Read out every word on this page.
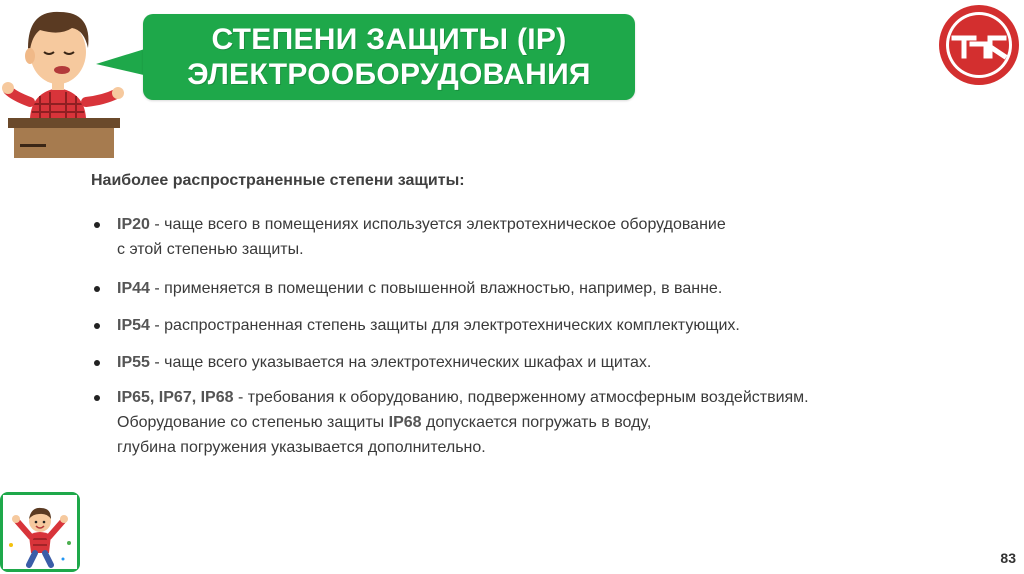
СТЕПЕНИ ЗАЩИТЫ (IP)
ЭЛЕКТРООБОРУДОВАНИЯ
Наиболее распространенные степени защиты:
IP20 - чаще всего в помещениях используется электротехническое оборудование
с этой степенью защиты.
IP44 - применяется в помещении с повышенной влажностью, например, в ванне.
IP54 - распространенная степень защиты для электротехнических комплектующих.
IP55 - чаще всего указывается на электротехнических шкафах и щитах.
IP65, IP67, IP68 - требования к оборудованию, подверженному атмосферным воздействиям.
Оборудование со степенью защиты IP68 допускается погружать в воду,
глубина погружения указывается дополнительно.
83
